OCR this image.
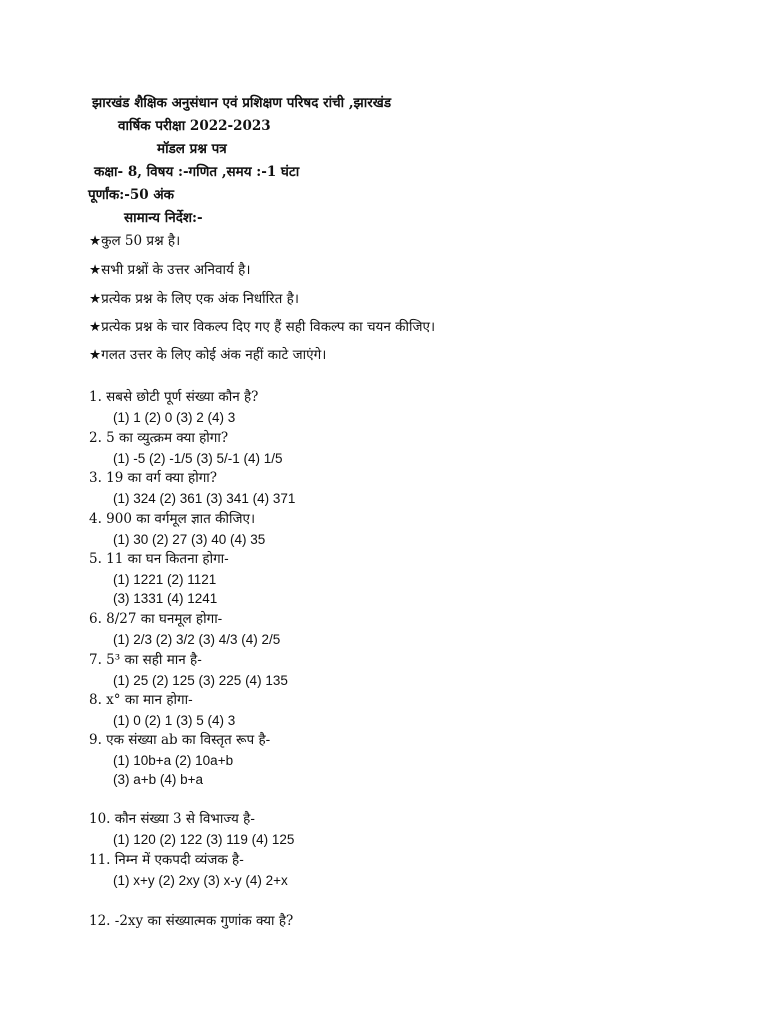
झारखंड शैक्षिक अनुसंधान एवं प्रशिक्षण परिषद रांची ,झारखंड
वार्षिक परीक्षा 2022-2023
मॉडल प्रश्न पत्र
कक्षा- 8, विषय :-गणित ,समय :-1 घंटा
पूर्णांक:-50 अंक
सामान्य निर्देश:-
★कुल 50 प्रश्न है।
★सभी प्रश्नों के उत्तर अनिवार्य है।
★प्रत्येक प्रश्न के लिए एक अंक निर्धारित है।
★प्रत्येक प्रश्न के चार विकल्प दिए गए हैं सही विकल्प का चयन कीजिए।
★गलत उत्तर के लिए कोई अंक नहीं काटे जाएंगे।
1. सबसे छोटी पूर्ण संख्या कौन है?
(1) 1 (2) 0 (3) 2 (4) 3
2. 5 का व्युत्क्रम क्या होगा?
(1) -5 (2) -1/5 (3) 5/-1 (4) 1/5
3. 19 का वर्ग क्या होगा?
(1) 324 (2) 361 (3) 341 (4) 371
4. 900 का वर्गमूल ज्ञात कीजिए।
(1) 30 (2) 27 (3) 40 (4) 35
5. 11 का घन कितना होगा-
(1) 1221 (2) 1121
(3) 1331 (4) 1241
6. 8/27 का घनमूल होगा-
(1) 2/3 (2) 3/2 (3) 4/3 (4) 2/5
7. 5³ का सही मान है-
(1) 25 (2) 125 (3) 225 (4) 135
8. x° का मान होगा-
(1) 0 (2) 1 (3) 5 (4) 3
9. एक संख्या ab का विस्तृत रूप है-
(1) 10b+a (2) 10a+b
(3) a+b (4) b+a
10. कौन संख्या 3 से विभाज्य है-
(1) 120 (2) 122 (3) 119 (4) 125
11. निम्न में एकपदी व्यंजक है-
(1) x+y (2) 2xy (3) x-y (4) 2+x
12. -2xy का संख्यात्मक गुणांक क्या है?
